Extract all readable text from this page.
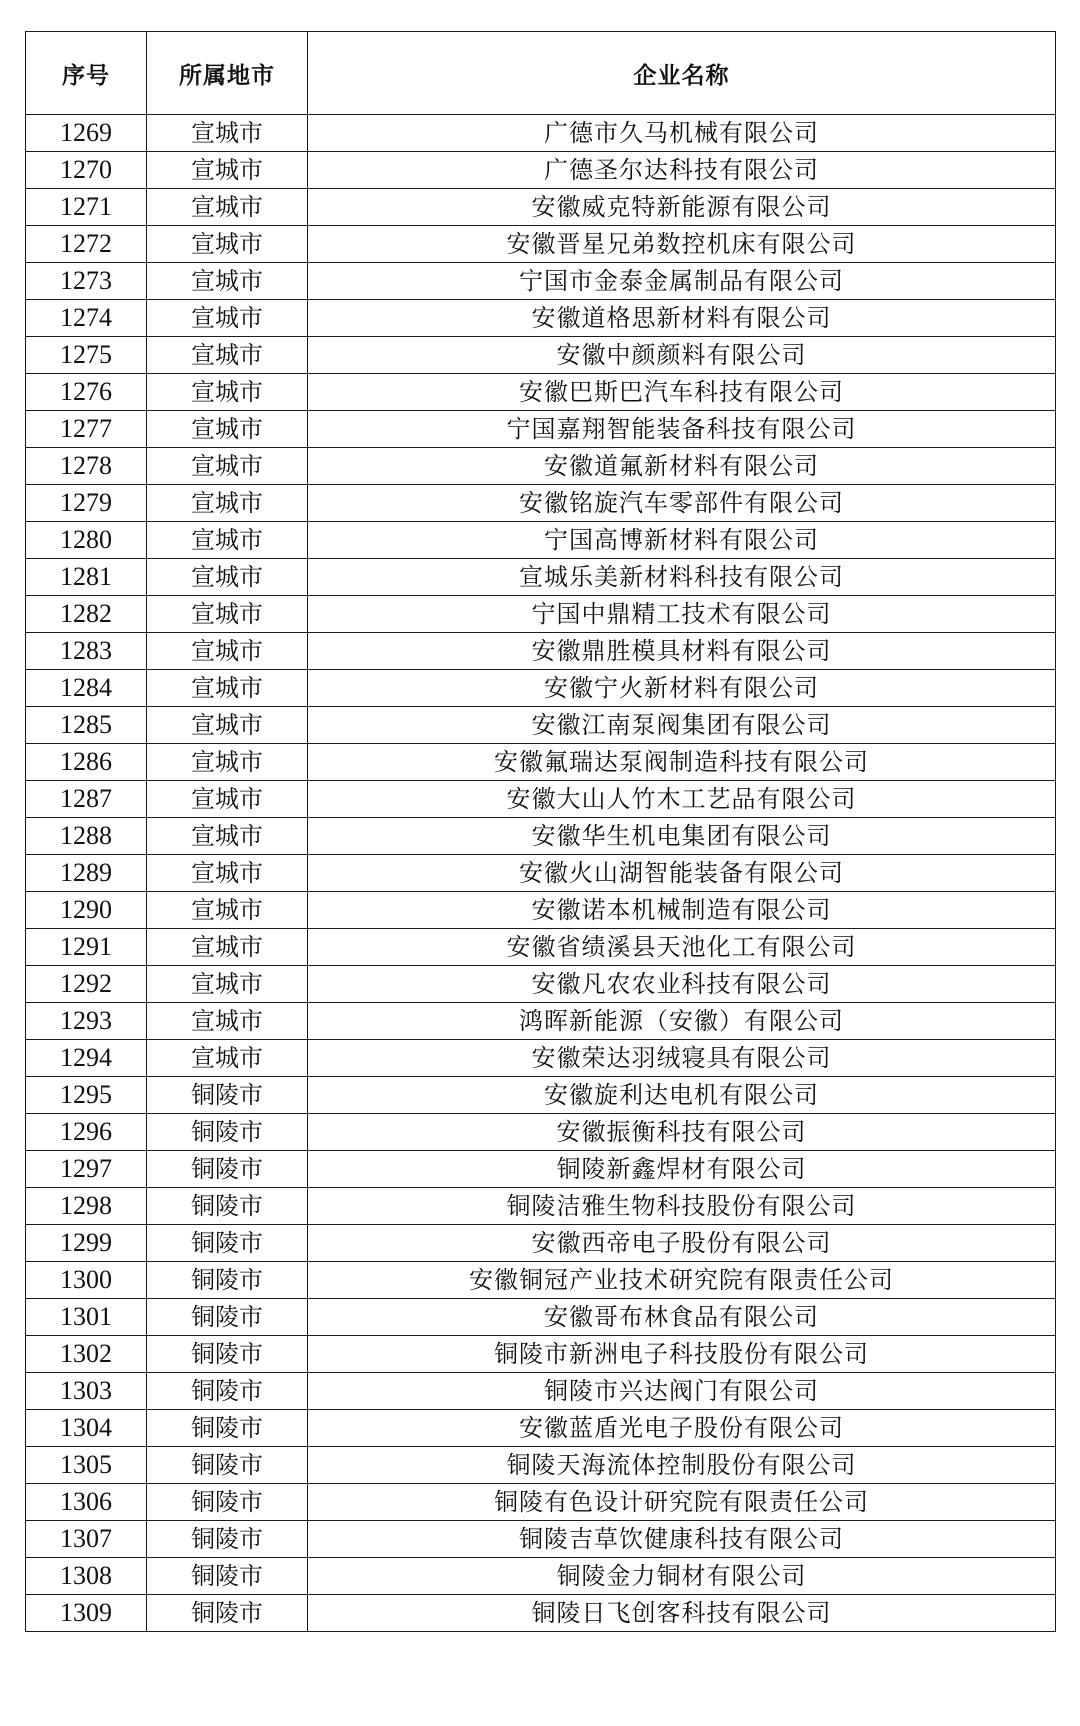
序号	所属地市	企业名称
1269	宣城市	广德市久马机械有限公司
1270	宣城市	广德圣尔达科技有限公司
1271	宣城市	安徽威克特新能源有限公司
1272	宣城市	安徽晋星兄弟数控机床有限公司
1273	宣城市	宁国市金泰金属制品有限公司
1274	宣城市	安徽道格思新材料有限公司
1275	宣城市	安徽中颜颜料有限公司
1276	宣城市	安徽巴斯巴汽车科技有限公司
1277	宣城市	宁国嘉翔智能装备科技有限公司
1278	宣城市	安徽道氟新材料有限公司
1279	宣城市	安徽铭旋汽车零部件有限公司
1280	宣城市	宁国高博新材料有限公司
1281	宣城市	宣城乐美新材料科技有限公司
1282	宣城市	宁国中鼎精工技术有限公司
1283	宣城市	安徽鼎胜模具材料有限公司
1284	宣城市	安徽宁火新材料有限公司
1285	宣城市	安徽江南泵阀集团有限公司
1286	宣城市	安徽氟瑞达泵阀制造科技有限公司
1287	宣城市	安徽大山人竹木工艺品有限公司
1288	宣城市	安徽华生机电集团有限公司
1289	宣城市	安徽火山湖智能装备有限公司
1290	宣城市	安徽诺本机械制造有限公司
1291	宣城市	安徽省绩溪县天池化工有限公司
1292	宣城市	安徽凡农农业科技有限公司
1293	宣城市	鸿晖新能源（安徽）有限公司
1294	宣城市	安徽荣达羽绒寝具有限公司
1295	铜陵市	安徽旋利达电机有限公司
1296	铜陵市	安徽振衡科技有限公司
1297	铜陵市	铜陵新鑫焊材有限公司
1298	铜陵市	铜陵洁雅生物科技股份有限公司
1299	铜陵市	安徽西帝电子股份有限公司
1300	铜陵市	安徽铜冠产业技术研究院有限责任公司
1301	铜陵市	安徽哥布林食品有限公司
1302	铜陵市	铜陵市新洲电子科技股份有限公司
1303	铜陵市	铜陵市兴达阀门有限公司
1304	铜陵市	安徽蓝盾光电子股份有限公司
1305	铜陵市	铜陵天海流体控制股份有限公司
1306	铜陵市	铜陵有色设计研究院有限责任公司
1307	铜陵市	铜陵吉草饮健康科技有限公司
1308	铜陵市	铜陵金力铜材有限公司
1309	铜陵市	铜陵日飞创客科技有限公司
